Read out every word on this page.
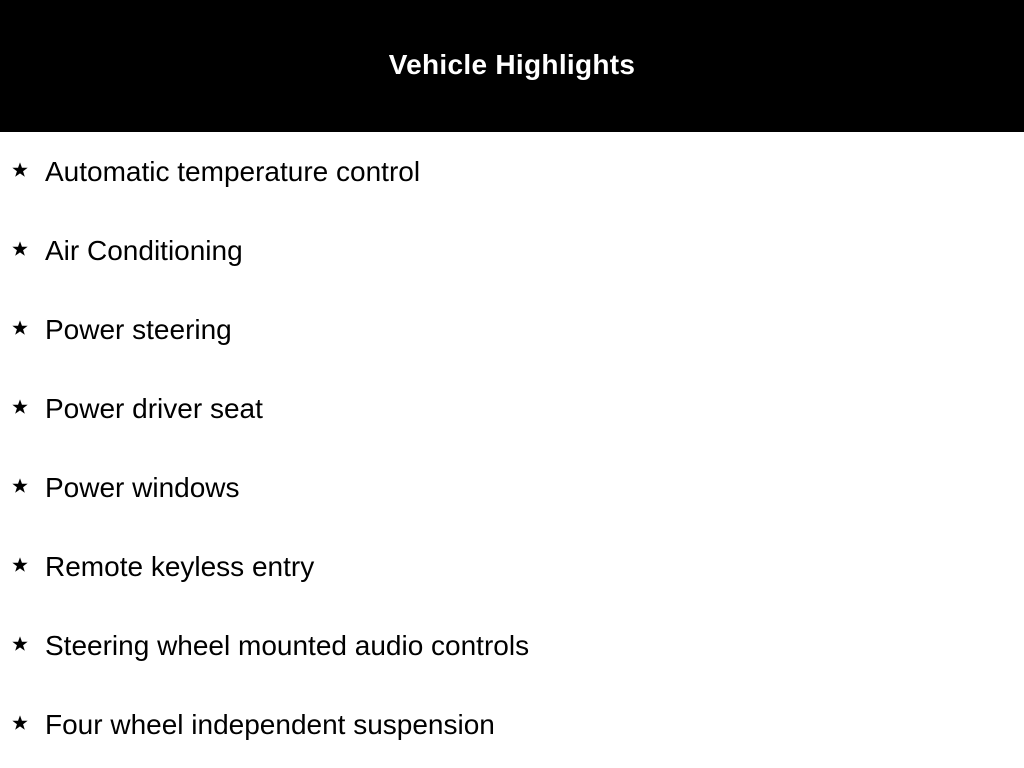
Vehicle Highlights
Automatic temperature control
Air Conditioning
Power steering
Power driver seat
Power windows
Remote keyless entry
Steering wheel mounted audio controls
Four wheel independent suspension
